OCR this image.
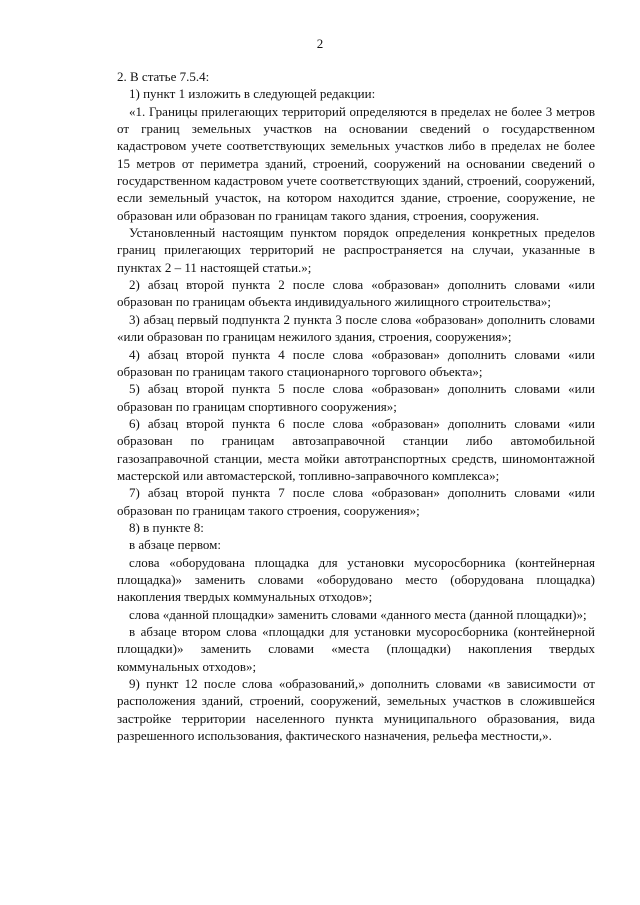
2

2. В статье 7.5.4:

1) пункт 1 изложить в следующей редакции:

«1. Границы прилегающих территорий определяются в пределах не более 3 метров от границ земельных участков на основании сведений о государственном кадастровом учете соответствующих земельных участков либо в пределах не более 15 метров от периметра зданий, строений, сооружений на основании сведений о государственном кадастровом учете соответствующих зданий, строений, сооружений, если земельный участок, на котором находится здание, строение, сооружение, не образован или образован по границам такого здания, строения, сооружения.

Установленный настоящим пунктом порядок определения конкретных пределов границ прилегающих территорий не распространяется на случаи, указанные в пунктах 2 – 11 настоящей статьи.»;

2) абзац второй пункта 2 после слова «образован» дополнить словами «или образован по границам объекта индивидуального жилищного строительства»;

3) абзац первый подпункта 2 пункта 3 после слова «образован» дополнить словами «или образован по границам нежилого здания, строения, сооружения»;

4) абзац второй пункта 4 после слова «образован» дополнить словами «или образован по границам такого стационарного торгового объекта»;

5) абзац второй пункта 5 после слова «образован» дополнить словами «или образован по границам спортивного сооружения»;

6) абзац второй пункта 6 после слова «образован» дополнить словами «или образован по границам автозаправочной станции либо автомобильной газозаправочной станции, места мойки автотранспортных средств, шиномонтажной мастерской или автомастерской, топливно-заправочного комплекса»;

7) абзац второй пункта 7 после слова «образован» дополнить словами «или образован по границам такого строения, сооружения»;

8) в пункте 8:

в абзаце первом:

слова «оборудована площадка для установки мусоросборника (контейнерная площадка)» заменить словами «оборудовано место (оборудована площадка) накопления твердых коммунальных отходов»;

слова «данной площадки» заменить словами «данного места (данной площадки)»;

в абзаце втором слова «площадки для установки мусоросборника (контейнерной площадки)» заменить словами «места (площадки) накопления твердых коммунальных отходов»;

9) пункт 12 после слова «образований,» дополнить словами «в зависимости от расположения зданий, строений, сооружений, земельных участков в сложившейся застройке территории населенного пункта муниципального образования, вида разрешенного использования, фактического назначения, рельефа местности,».
